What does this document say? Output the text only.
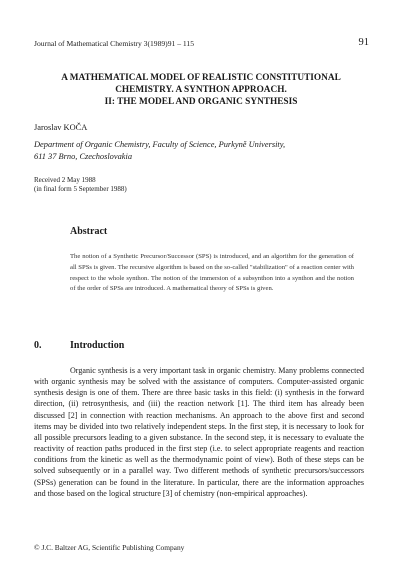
Journal of Mathematical Chemistry 3(1989)91 – 115	91
A MATHEMATICAL MODEL OF REALISTIC CONSTITUTIONAL
CHEMISTRY. A SYNTHON APPROACH.
II: THE MODEL AND ORGANIC SYNTHESIS
Jaroslav KOČA
Department of Organic Chemistry, Faculty of Science, Purkyně University,
611 37 Brno, Czechoslovakia
Received 2 May 1988
(in final form 5 September 1988)
Abstract
The notion of a Synthetic Precursor/Successor (SPS) is introduced, and an algorithm for the generation of all SPSs is given. The recursive algorithm is based on the so-called "stabilization" of a reaction center with respect to the whole synthon. The notion of the immersion of a subsynthon into a synthon and the notion of the order of SPSs are introduced. A mathematical theory of SPSs is given.
0.	Introduction
Organic synthesis is a very important task in organic chemistry. Many problems connected with organic synthesis may be solved with the assistance of computers. Computer-assisted organic synthesis design is one of them. There are three basic tasks in this field: (i) synthesis in the forward direction, (ii) retrosynthesis, and (iii) the reaction network [1]. The third item has already been discussed [2] in connection with reaction mechanisms. An approach to the above first and second items may be divided into two relatively independent steps. In the first step, it is necessary to look for all possible precursors leading to a given substance. In the second step, it is necessary to evaluate the reactivity of reaction paths produced in the first step (i.e. to select appropriate reagents and reaction conditions from the kinetic as well as the thermodynamic point of view). Both of these steps can be solved subsequently or in a parallel way. Two different methods of synthetic precursors/successors (SPSs) generation can be found in the literature. In particular, there are the information approaches and those based on the logical structure [3] of chemistry (non-empirical approaches).
© J.C. Baltzer AG, Scientific Publishing Company
